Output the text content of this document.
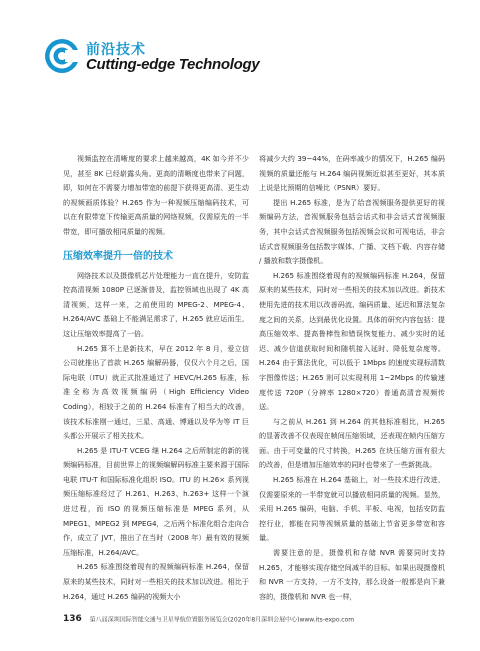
前沿技术
Cutting-edge Technology

视频监控在清晰度的要求上越来越高，4K 如今并不少见，甚至 8K 已经崭露头角。更高的清晰度也带来了问题，即，如何在不需要力增加带宽的前提下获得更高清、更生动的视频画质体验？H.265 作为一种视频压缩编码技术，可以在有限带宽下传输更高质量的网络视频，仅需原先的一半带宽，即可播放相同质量的视频。

压缩效率提升一倍的技术

网络技术以及摄像机芯片处理能力一直在提升，安防监控高清视频 1080P 已逐渐普及，监控领域也出现了 4K 高清视频，这样一来，之前使用的 MPEG-2、MPEG-4、H.264/AVC 基础上不能满足需求了，H.265 就应运而生，这让压缩效率提高了一倍。

H.265 算不上是新技术，早在 2012 年 8 月，爱立信公司就推出了首款 H.265 编解码器，仅仅六个月之后，国际电联（ITU）就正式批准通过了 HEVC/H.265 标准，标准全称为高效视频编码（High Efficiency Video Coding），相较于之前的 H.264 标准有了相当大的改善，该技术标准刚一通过，三星、高通、博通以及华为等 IT 巨头都公开展示了相关技术。

H.265 是 ITU-T VCEG 继 H.264 之后所制定的新的视频编码标准，目前世界上的视频编解码标准主要来源于国际电联 ITU-T 和国际标准化组织 ISO。ITU 的 H.26× 系列视频压缩标准经过了 H.261、H.263、h.263+ 这样一个演进过程，而 ISO 的视频压缩标准是 MPEG 系列，从 MPEG1、MPEG2 到 MPEG4，之后两个标准化组合走向合作，成立了 JVT，推出了在当时（2008 年）最有效的视频压缩标准，H.264/AVC。

H.265 标准围绕着现有的视频编码标准 H.264，保留原来的某些技术，同时对一些相关的技术加以改进。相比于 H.264，通过 H.265 编码的视频大小

将减少大约 39~44%，在码率减少的情况下，H.265 编码视频的质量还能与 H.264 编码视频近似甚至更好，其本质上说是比预期的信噪比（PSNR）要好。

提出 H.265 标准，是为了给音视频服务提供更好的视频编码方法，音视频服务包括会话式和非会话式音视频服务，其中会话式音视频服务包括视频会议和可视电话，非会话式音视频服务包括数字媒体、广播、文档下载、内容存储 / 播放和数字摄像机。

H.265 标准围绕着现有的视频编码标准 H.264，保留原来的某些技术，同时对一些相关的技术加以改进。新技术使用先进的技术用以改善码流、编码质量、延迟和算法复杂度之间的关系，达到最优化设置。具体的研究内容包括：提高压缩效率、提高鲁棒性和错误恢复能力、减少实时的延迟、减少信道获取时间和随机接入延时、降低复杂度等。H.264 由于算法优化，可以低于 1Mbps 的速度实现标清数字图像传送；H.265 则可以实现利用 1~2Mbps 的传输速度传送 720P（分辨率 1280×720）普通高清音视频传送。

与之前从 H.261 到 H.264 的其他标准相比，H.265 的显著改善不仅表现在帧间压缩领域，还表现在帧内压缩方面。由于可变量的尺寸转换，H.265 在块压缩方面有很大的改善，但是增加压缩效率的同时也带来了一些新挑战。

H.265 标准在 H.264 基础上，对一些技术进行改进，仅需要原来的一半带宽就可以播放相同质量的视频。显然，采用 H.265 编码，电脑、手机、平板、电视，包括安防监控行业，都能在同等视频质量的基础上节省更多带宽和容量。

需要注意的是，摄像机和存储 NVR 需要同时支持 H.265，才能够实现存储空间减半的目标。如果出现摄像机和 NVR 一方支持，一方不支持，那么设备一般都是向下兼容的，摄像机和 NVR 也一样，

136 第八届深圳国际智能交通与卫星导航位置服务展览会(2020年8月深圳会展中心)www.its-expo.com
